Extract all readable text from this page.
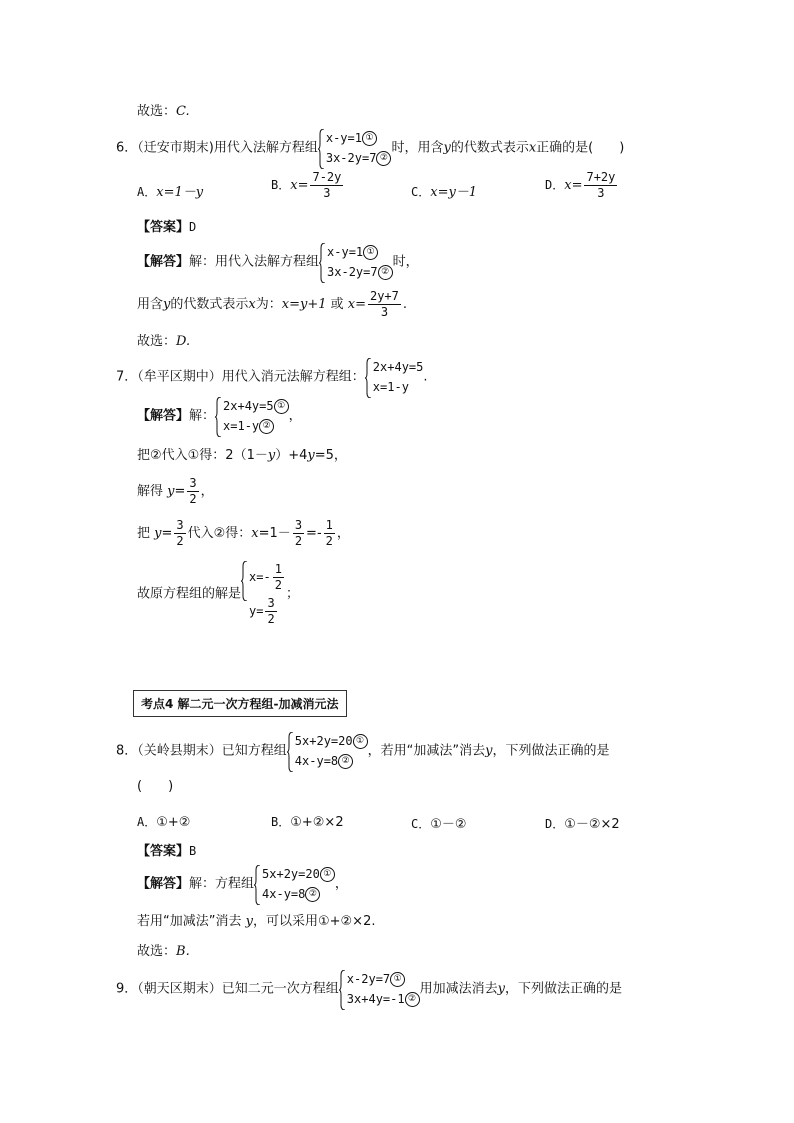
故选：C.
6．（迁安市期末)用代入法解方程组
x-y=1 ①
3x-2y=7 ②
时，用含y的代数式表示x正确的是(　　)
A．x=1－y	B．$x= \frac{7-2y}{3}$	C．x=y－1	D．$x= \frac{7+2y}{3}$
【答案】D
【解答】解：用代入法解方程组
x-y=1 ①
3x-2y=7 ②
时，
用含y的代数式表示x为：x=y+1 或 $x= \frac{2y+7}{3}$ .
故选：D.
7．（牟平区期中）用代入消元法解方程组：
2x+4y=5
x=1-y
.
【解答】解：
2x+4y=5 ①
x=1-y ②
，
把②代入①得：2（1－y）+4y=5，
解得 $y= \frac{3}{2}$ ，
把 $y= \frac{3}{2}$ 代入②得：$x=1- \frac{3}{2} =- \frac{1}{2}$ ，
故原方程组的解是
$x=- \frac{1}{2}$
$y= \frac{3}{2}$
；
考点4 解二元一次方程组-加减消元法
8．（关岭县期末）已知方程组
5x+2y=20 ①
4x-y=8 ②
，若用“加减法”消去y，下列做法正确的是
(　　)
A．①+②	B．①+②×2	C．①－②	D．①－②×2
【答案】B
【解答】解：方程组
5x+2y=20 ①
4x-y=8 ②
，
若用“加减法”消去 y，可以采用①+②×2.
故选：B.
9．（朝天区期末）已知二元一次方程组
x-2y=7 ①
3x+4y=-1 ②
用加减法消去y，下列做法正确的是
